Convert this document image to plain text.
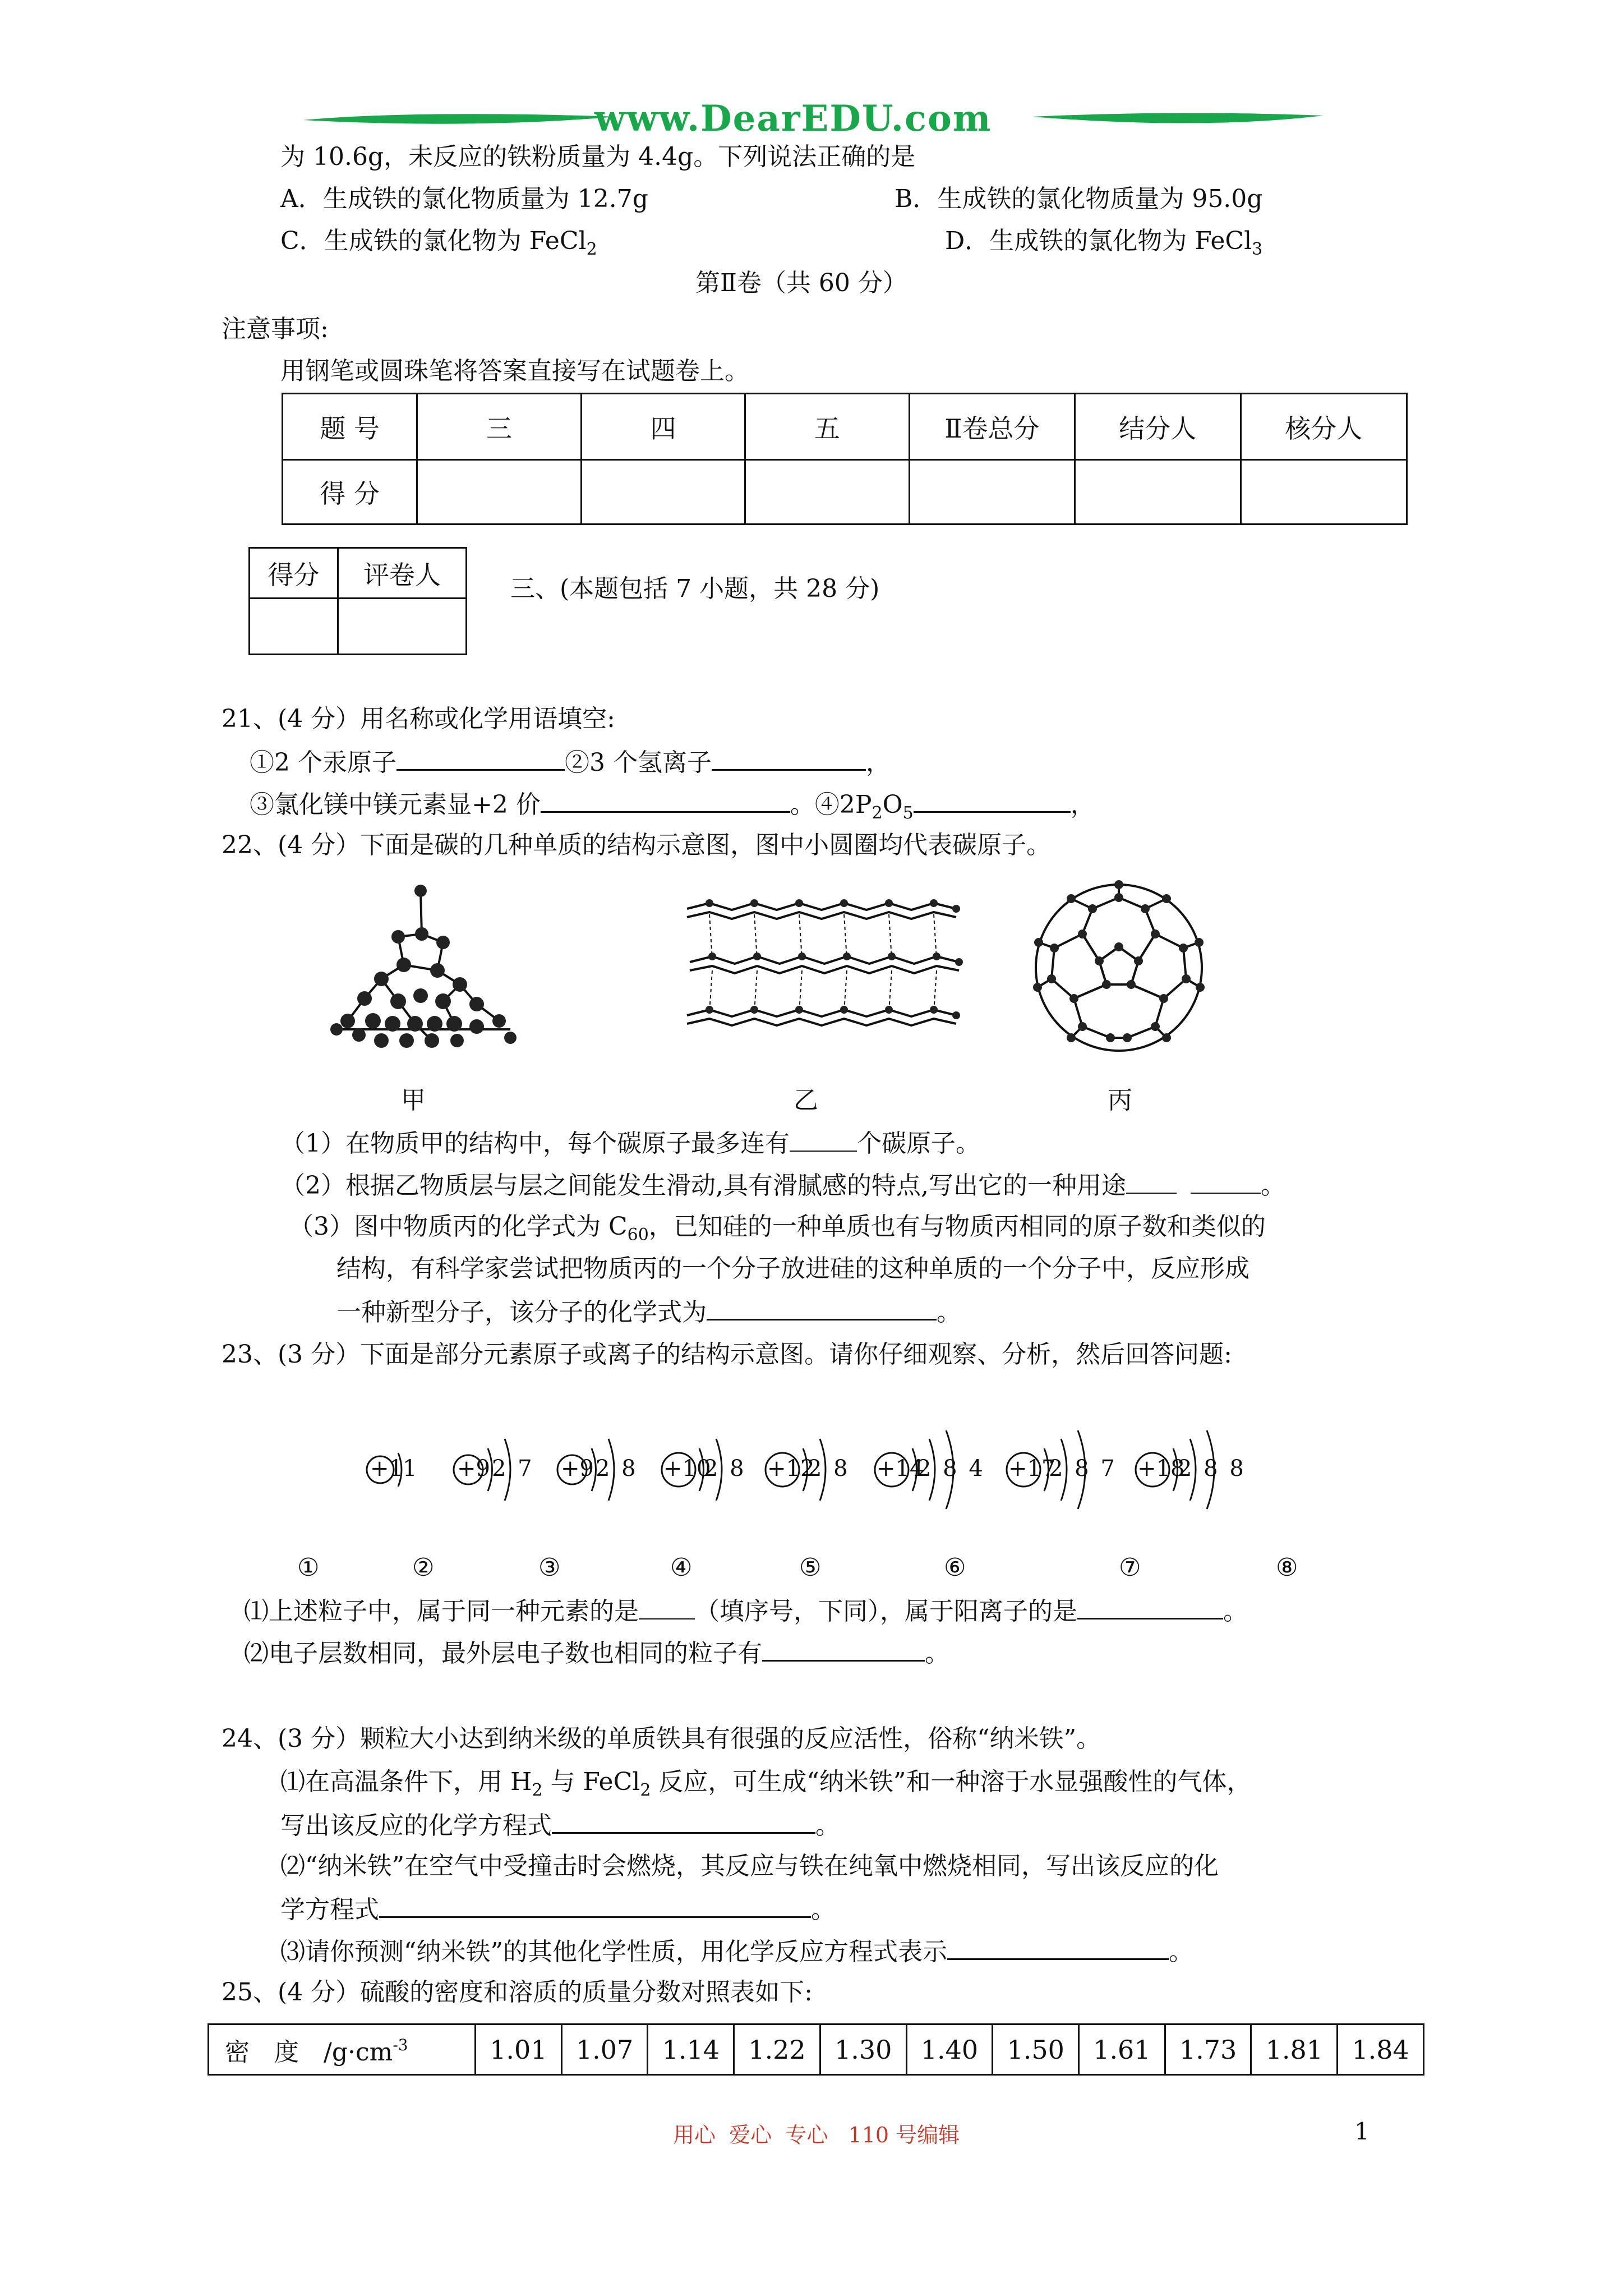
www.DearEDU.com
为 10.6g，未反应的铁粉质量为 4.4g。下列说法正确的是
A．生成铁的氯化物质量为 12.7g	B．生成铁的氯化物质量为 95.0g
C．生成铁的氯化物为 FeCl$_2$	D．生成铁的氯化物为 FeCl$_3$
第Ⅱ卷（共 60 分）
注意事项:
用钢笔或圆珠笔将答案直接写在试题卷上。
题 号	三	四	五	Ⅱ卷总分	结分人	核分人
得 分						
得分	评卷人
		三、(本题包括 7 小题，共 28 分)
21、(4 分）用名称或化学用语填空:
①2 个汞原子	②3 个氢离子	，
③氯化镁中镁元素显+2 价	。$④2P_2O_5$	，
22、(4 分）下面是碳的几种单质的结构示意图，图中小圆圈均代表碳原子。
甲	乙	丙
（1）在物质甲的结构中，每个碳原子最多连有	个碳原子。
（2）根据乙物质层与层之间能发生滑动,具有滑腻感的特点,写出它的一种用途	。
（3）图中物质丙的化学式为 $C_{60}$，已知硅的一种单质也有与物质丙相同的原子数和类似的
结构，有科学家尝试把物质丙的一个分子放进硅的这种单质的一个分子中，反应形成
一种新型分子，该分子的化学式为	。
23、(3 分）下面是部分元素原子或离子的结构示意图。请你仔细观察、分析，然后回答问题:
+1 1 +9 2 7 +9 2 8 +10
2 8 +12
2 8 +14
2 8 4 +17
2 8 7 +18
2 8 8
①	②	③	④	⑤	⑥	⑦	⑧
⑴上述粒子中，属于同一种元素的是 （填序号，下同），属于阳离子的是	。
⑵电子层数相同，最外层电子数也相同的粒子有	。
24、(3 分）颗粒大小达到纳米级的单质铁具有很强的反应活性，俗称“纳米铁”。
⑴在高温条件下，用 $H_2$ 与 FeCl$_2$ 反应，可生成“纳米铁”和一种溶于水显强酸性的气体，
写出该反应的化学方程式	。
⑵“纳米铁”在空气中受撞击时会燃烧，其反应与铁在纯氧中燃烧相同，写出该反应的化
学方程式	。
⑶请你预测“纳米铁”的其他化学性质，用化学反应方程式表示	。
25、(4 分）硫酸的密度和溶质的质量分数对照表如下:
密　度　$/g\cdot cm^{-3}$	1.01	1.07	1.14	1.22	1.30	1.40	1.50	1.61	1.73	1.81	1.84
用心  爱心  专心   110 号编辑	1
